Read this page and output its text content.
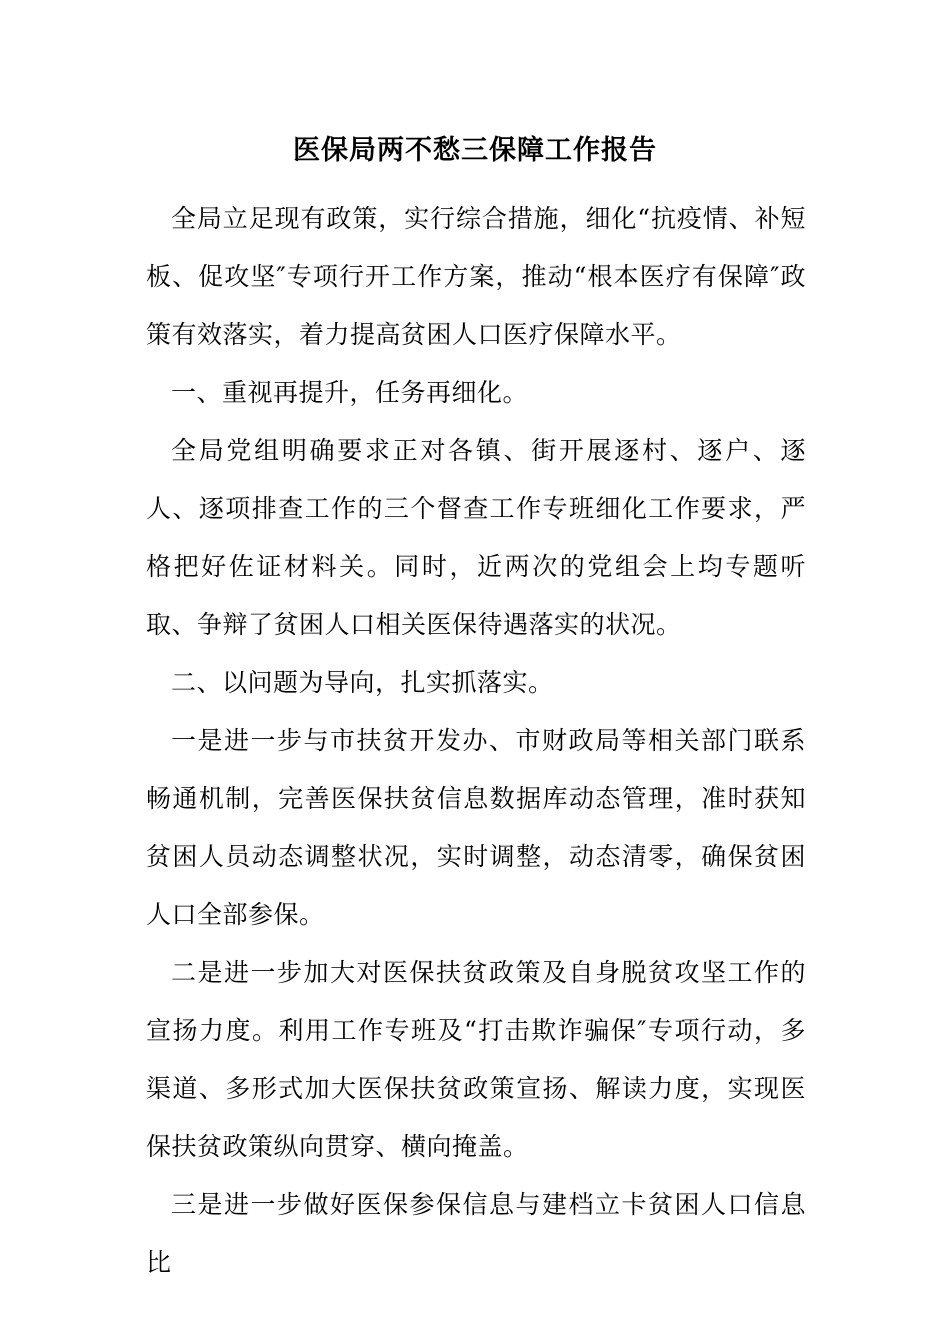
医保局两不愁三保障工作报告

全局立足现有政策，实行综合措施，细化“抗疫情、补短板、促攻坚″专项行开工作方案，推动“根本医疗有保障″政策有效落实，着力提高贫困人口医疗保障水平。

一、重视再提升，任务再细化。

全局党组明确要求正对各镇、街开展逐村、逐户、逐人、逐项排查工作的三个督查工作专班细化工作要求，严格把好佐证材料关。同时，近两次的党组会上均专题听取、争辩了贫困人口相关医保待遇落实的状况。

二、以问题为导向，扎实抓落实。

一是进一步与市扶贫开发办、市财政局等相关部门联系畅通机制，完善医保扶贫信息数据库动态管理，准时获知贫困人员动态调整状况，实时调整，动态清零，确保贫困人口全部参保。

二是进一步加大对医保扶贫政策及自身脱贫攻坚工作的宣扬力度。利用工作专班及“打击欺诈骗保″专项行动，多渠道、多形式加大医保扶贫政策宣扬、解读力度，实现医保扶贫政策纵向贯穿、横向掩盖。

三是进一步做好医保参保信息与建档立卡贫困人口信息比
